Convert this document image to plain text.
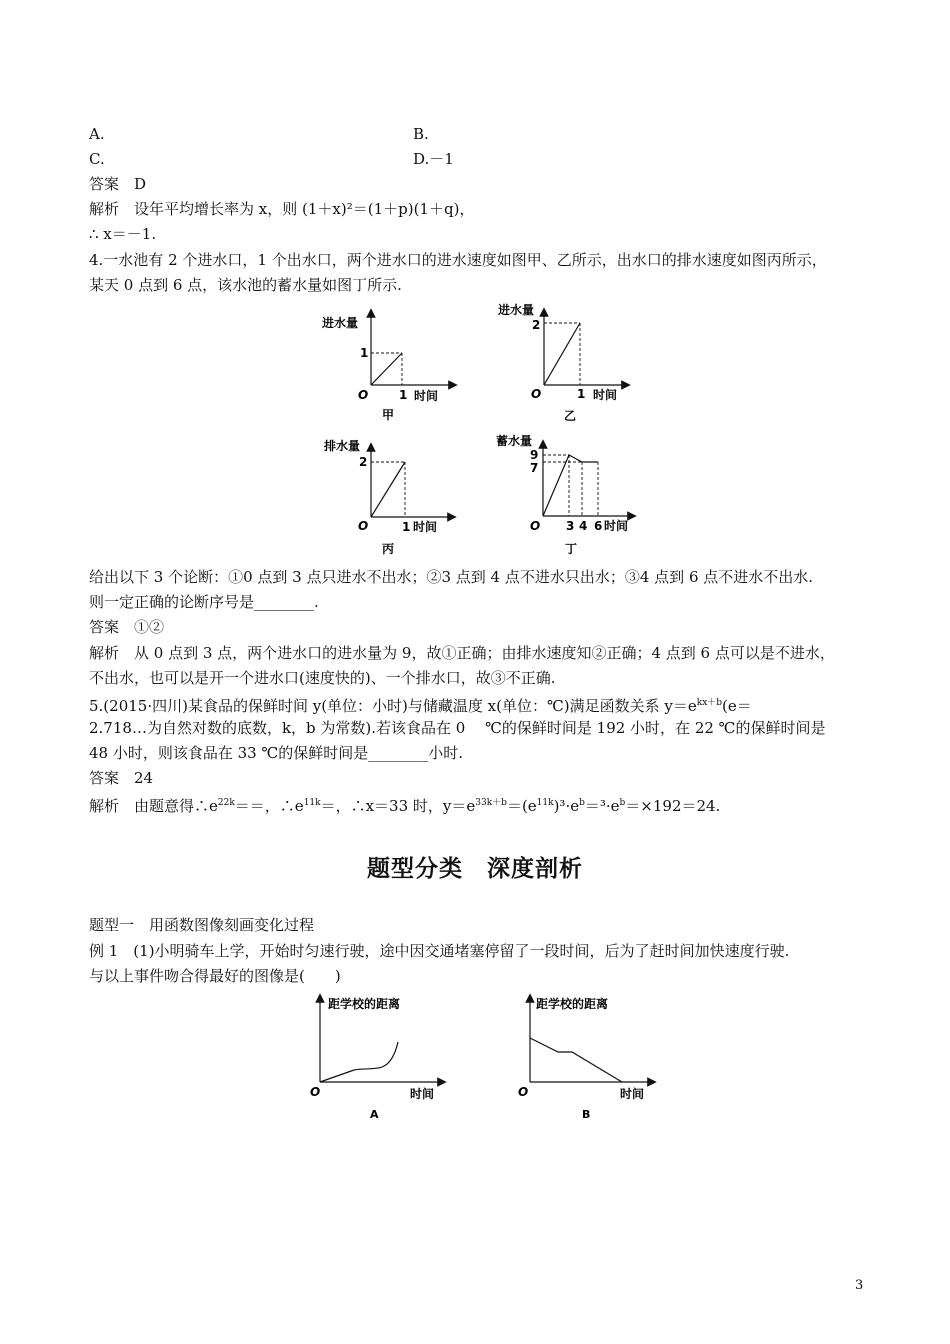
A.	B.
C.	D.－1
答案　D
解析　设年平均增长率为 x，则 (1＋x)²＝(1＋p)(1＋q)，
∴ x＝－1.
4.一水池有 2 个进水口，1 个出水口，两个进水口的进水速度如图甲、乙所示，出水口的排水速度如图丙所示，
某天 0 点到 6 点，该水池的蓄水量如图丁所示.
进水量
1
O	1 时间
甲
进水量
2
O	1 时间
乙
排水量
2
O	1 时间
丙
蓄水量
9
7
O 3 4 6 时间
丁
给出以下 3 个论断：①0 点到 3 点只进水不出水；②3 点到 4 点不进水只出水；③4 点到 6 点不进水不出水.
则一定正确的论断序号是________.
答案　①②
解析　从 0 点到 3 点，两个进水口的进水量为 9，故①正确；由排水速度知②正确；4 点到 6 点可以是不进水，
不出水，也可以是开一个进水口(速度快的)、一个排水口，故③不正确.
5.(2015·四川)某食品的保鲜时间 y(单位：小时)与储藏温度 x(单位：℃)满足函数关系 $y=e^{kx+b}(e=$
2.718…为自然对数的底数，k，b 为常数).若该食品在 0　 ℃的保鲜时间是 192 小时，在 22 ℃的保鲜时间是
48 小时，则该食品在 33 ℃的保鲜时间是________小时.
答案　24
解析　由题意得$\therefore e^{22k}==$，$\therefore e^{11k}=$，∴x＝33 时，$y=e^{33k+b}=(e^{11k})^3\cdot e^b=^3\cdot e^b=\times 192=24$.
题型分类　深度剖析
题型一　用函数图像刻画变化过程
例 1　(1)小明骑车上学，开始时匀速行驶，途中因交通堵塞停留了一段时间，后为了赶时间加快速度行驶.
与以上事件吻合得最好的图像是(　　)
距学校的距离
O	时间
A
距学校的距离
O	时间
B
3
